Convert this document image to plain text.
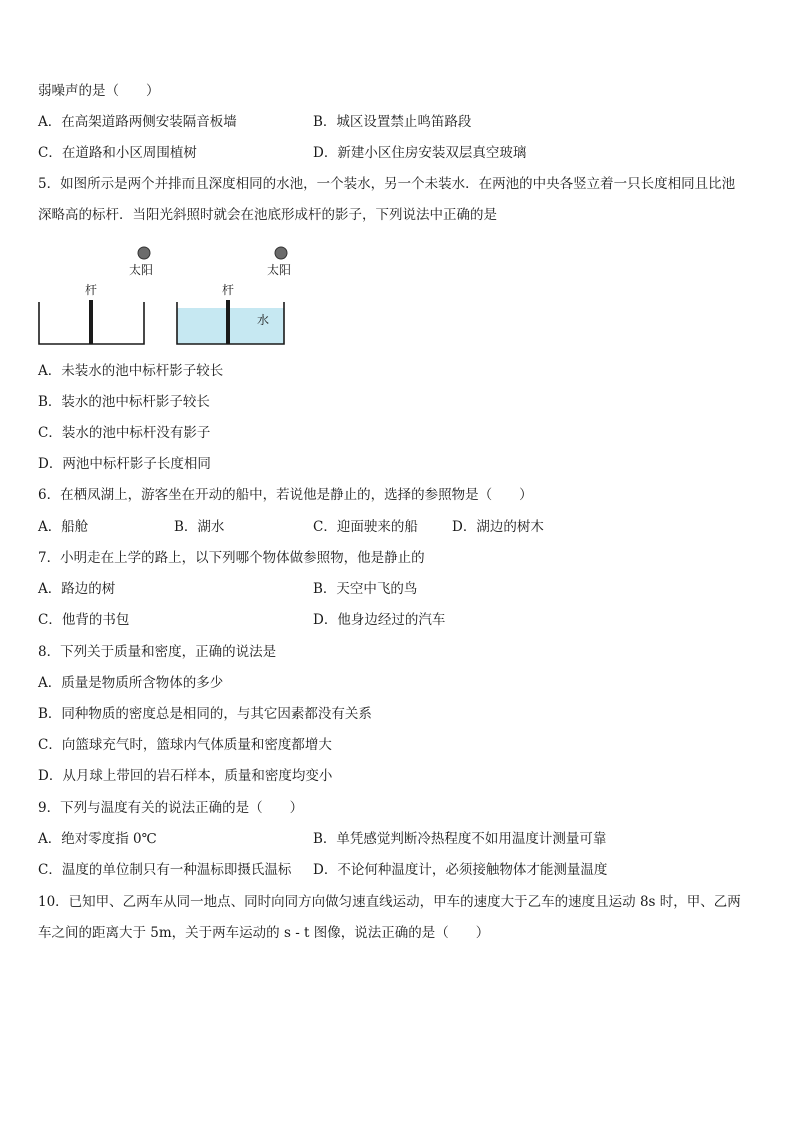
弱噪声的是（　　）
A．在高架道路两侧安装隔音板墙	B．城区设置禁止鸣笛路段
C．在道路和小区周围植树	D．新建小区住房安装双层真空玻璃
5．如图所示是两个并排而且深度相同的水池，一个装水，另一个未装水．在两池的中央各竖立着一只长度相同且比池
深略高的标杆．当阳光斜照时就会在池底形成杆的影子，下列说法中正确的是
太阳	太阳
杆	杆
水
A．未装水的池中标杆影子较长
B．装水的池中标杆影子较长
C．装水的池中标杆没有影子
D．两池中标杆影子长度相同
6．在栖凤湖上，游客坐在开动的船中，若说他是静止的，选择的参照物是（　　）
A．船舱	B．湖水	C．迎面驶来的船	D．湖边的树木
7．小明走在上学的路上，以下列哪个物体做参照物，他是静止的
A．路边的树	B．天空中飞的鸟
C．他背的书包	D．他身边经过的汽车
8．下列关于质量和密度，正确的说法是
A．质量是物质所含物体的多少
B．同种物质的密度总是相同的，与其它因素都没有关系
C．向篮球充气时，篮球内气体质量和密度都增大
D．从月球上带回的岩石样本，质量和密度均变小
9．下列与温度有关的说法正确的是（　　）
A．绝对零度指 0℃	B．单凭感觉判断冷热程度不如用温度计测量可靠
C．温度的单位制只有一种温标即摄氏温标 D．不论何种温度计，必须接触物体才能测量温度
10．已知甲、乙两车从同一地点、同时向同方向做匀速直线运动，甲车的速度大于乙车的速度且运动 8s 时，甲、乙两
车之间的距离大于 5m，关于两车运动的 s - t 图像，说法正确的是（　　）
